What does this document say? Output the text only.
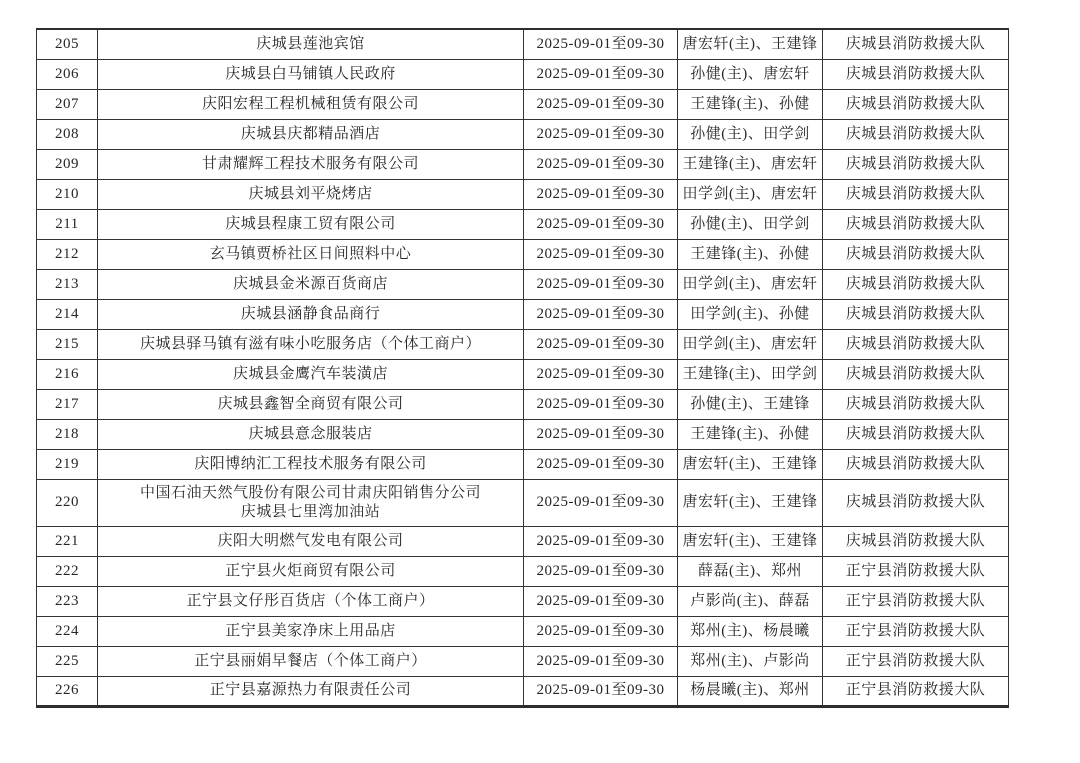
205	庆城县莲池宾馆	2025-09-01至09-30	唐宏轩(主)、王建锋	庆城县消防救援大队

206	庆城县白马铺镇人民政府	2025-09-01至09-30	孙健(主)、唐宏轩	庆城县消防救援大队

207	庆阳宏程工程机械租赁有限公司	2025-09-01至09-30	王建锋(主)、孙健	庆城县消防救援大队

208	庆城县庆都精品酒店	2025-09-01至09-30	孙健(主)、田学剑	庆城县消防救援大队

209	甘肃耀辉工程技术服务有限公司	2025-09-01至09-30	王建锋(主)、唐宏轩	庆城县消防救援大队

210	庆城县刘平烧烤店	2025-09-01至09-30	田学剑(主)、唐宏轩	庆城县消防救援大队

211	庆城县程康工贸有限公司	2025-09-01至09-30	孙健(主)、田学剑	庆城县消防救援大队

212	玄马镇贾桥社区日间照料中心	2025-09-01至09-30	王建锋(主)、孙健	庆城县消防救援大队

213	庆城县金米源百货商店	2025-09-01至09-30	田学剑(主)、唐宏轩	庆城县消防救援大队

214	庆城县涵静食品商行	2025-09-01至09-30	田学剑(主)、孙健	庆城县消防救援大队

215	庆城县驿马镇有滋有味小吃服务店（个体工商户）	2025-09-01至09-30	田学剑(主)、唐宏轩	庆城县消防救援大队

216	庆城县金鹰汽车装潢店	2025-09-01至09-30	王建锋(主)、田学剑	庆城县消防救援大队

217	庆城县鑫智全商贸有限公司	2025-09-01至09-30	孙健(主)、王建锋	庆城县消防救援大队

218	庆城县意念服装店	2025-09-01至09-30	王建锋(主)、孙健	庆城县消防救援大队

219	庆阳博纳汇工程技术服务有限公司	2025-09-01至09-30	唐宏轩(主)、王建锋	庆城县消防救援大队

220	中国石油天然气股份有限公司甘肃庆阳销售分公司
庆城县七里湾加油站	2025-09-01至09-30	唐宏轩(主)、王建锋	庆城县消防救援大队

221	庆阳大明燃气发电有限公司	2025-09-01至09-30	唐宏轩(主)、王建锋	庆城县消防救援大队

222	正宁县火炬商贸有限公司	2025-09-01至09-30	薛磊(主)、郑州	正宁县消防救援大队

223	正宁县文仔彤百货店（个体工商户）	2025-09-01至09-30	卢影尚(主)、薛磊	正宁县消防救援大队

224	正宁县美家净床上用品店	2025-09-01至09-30	郑州(主)、杨晨曦	正宁县消防救援大队

225	正宁县丽娟早餐店（个体工商户）	2025-09-01至09-30	郑州(主)、卢影尚	正宁县消防救援大队

226	正宁县嘉源热力有限责任公司	2025-09-01至09-30	杨晨曦(主)、郑州	正宁县消防救援大队
